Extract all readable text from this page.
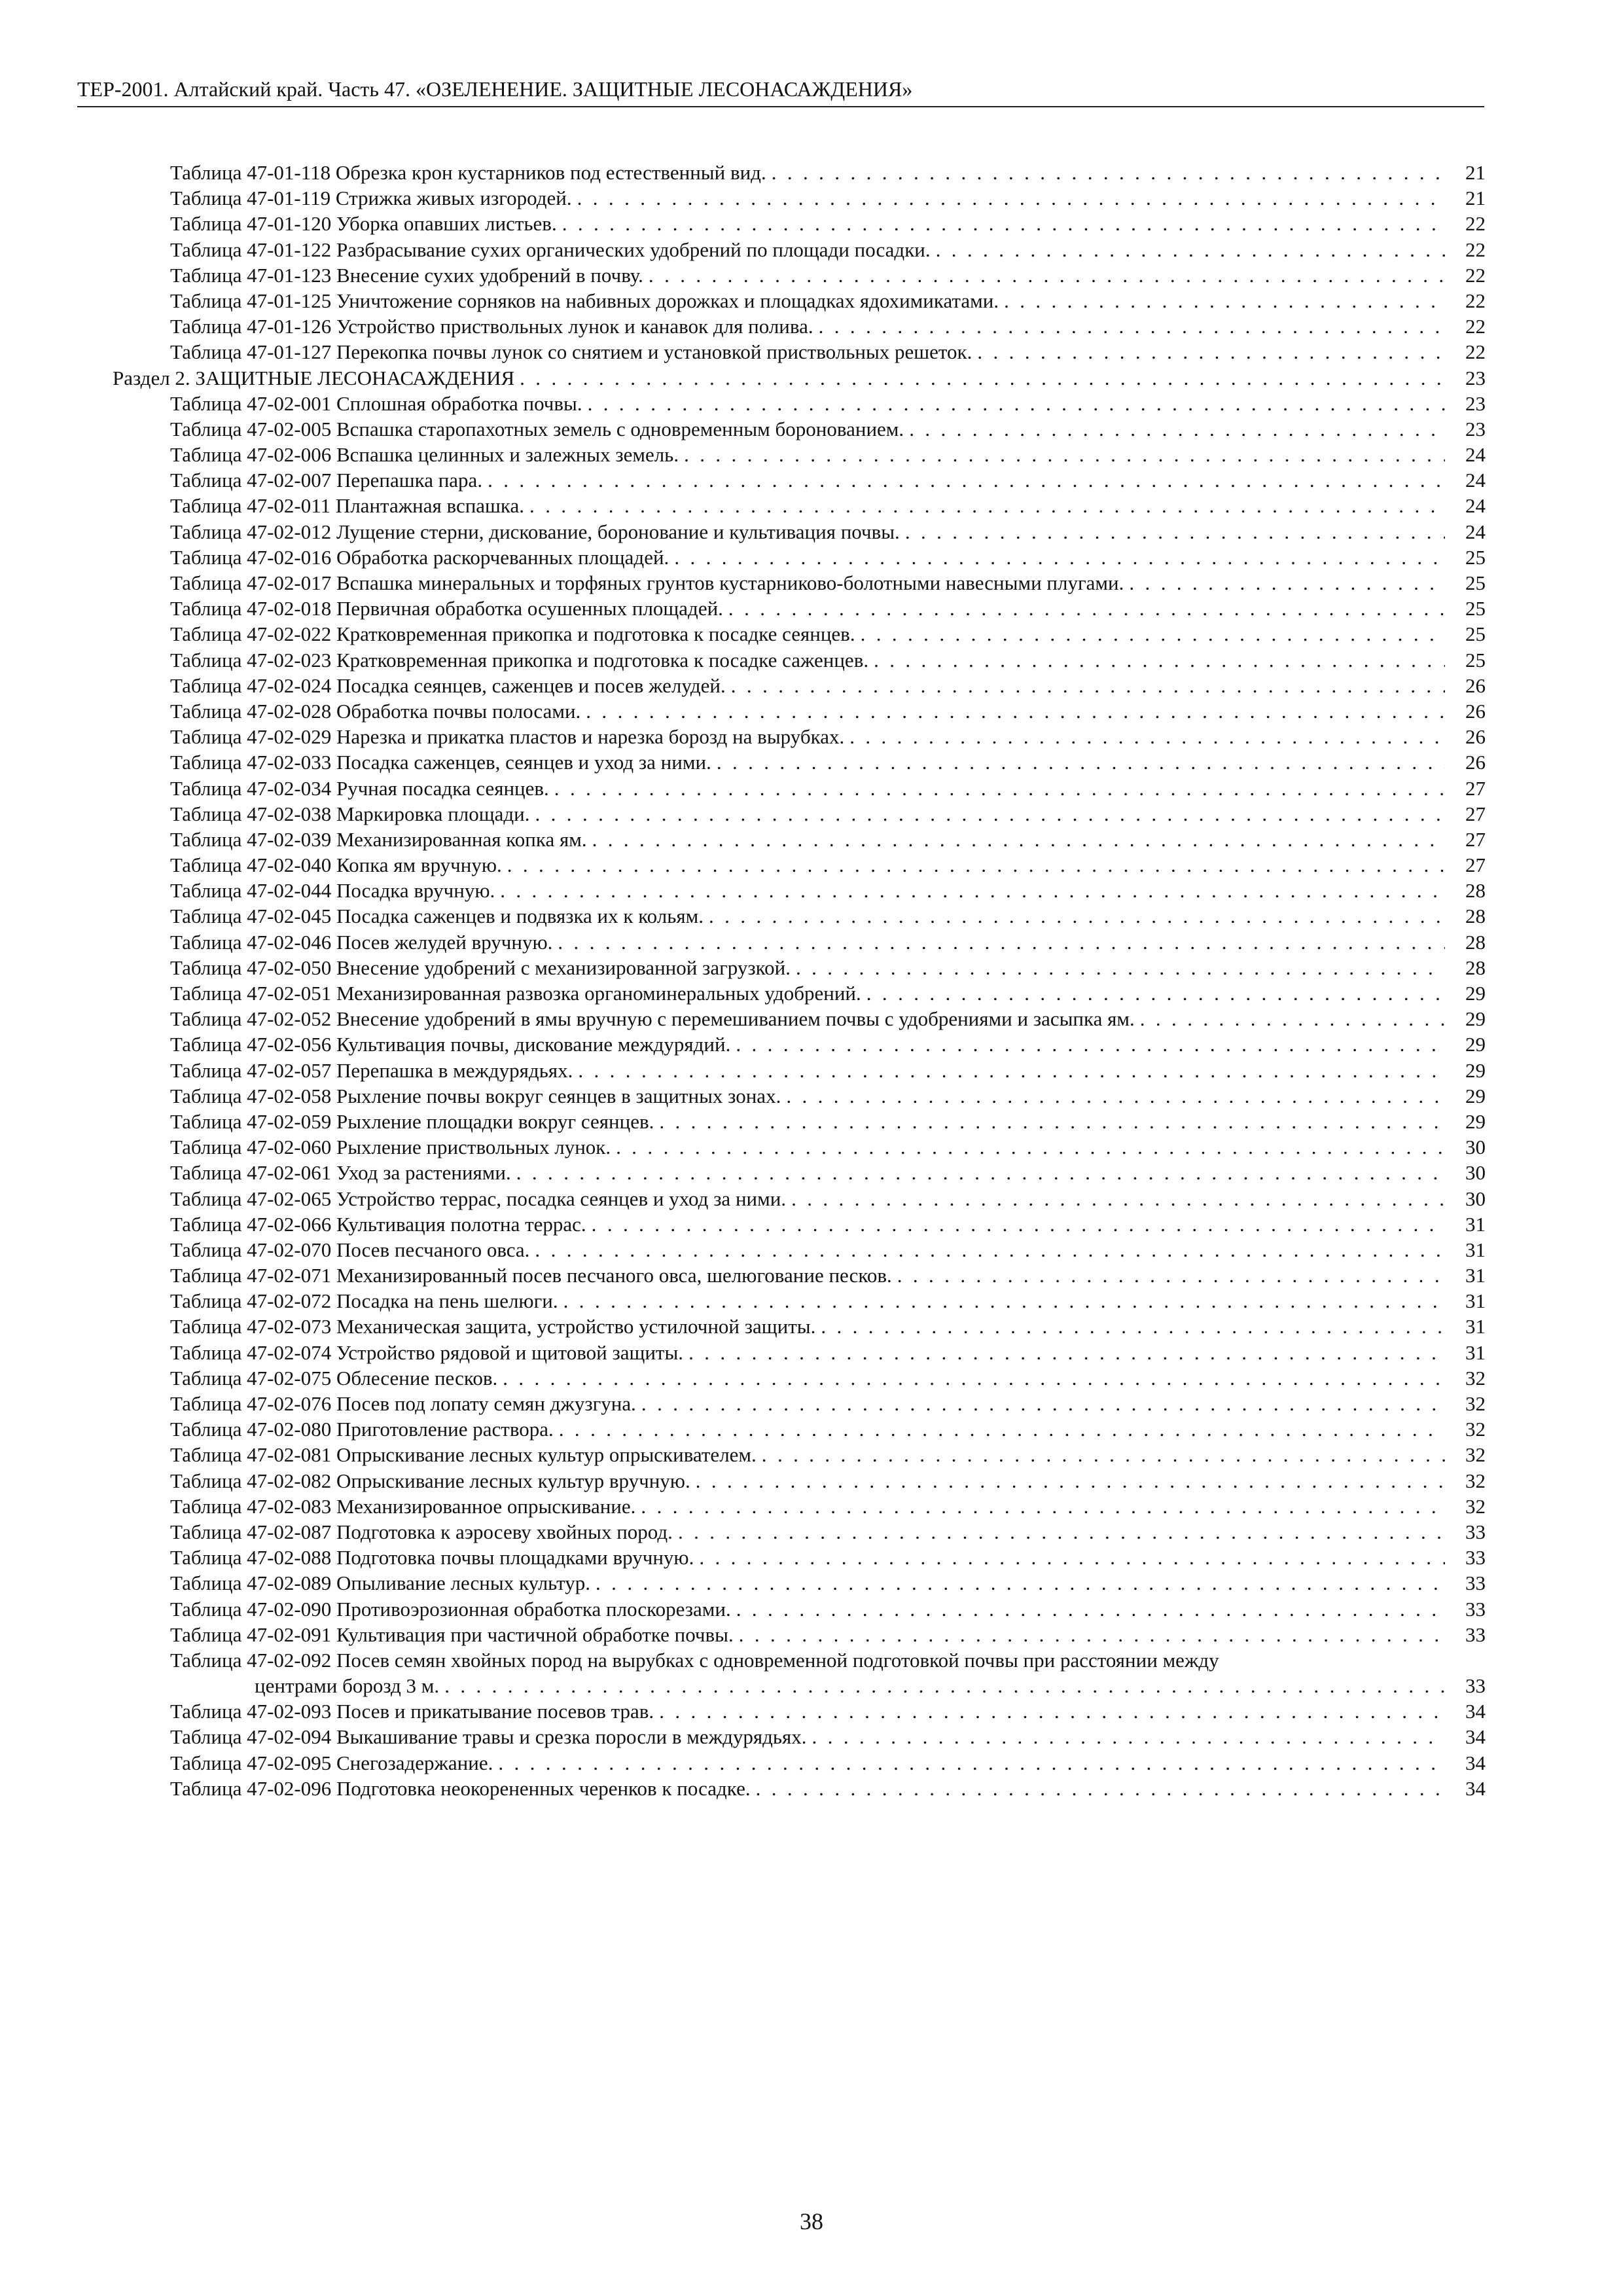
ТЕР-2001. Алтайский край. Часть 47. «ОЗЕЛЕНЕНИЕ. ЗАЩИТНЫЕ ЛЕСОНАСАЖДЕНИЯ»
Таблица 47-01-118 Обрезка крон кустарников под естественный вид. .....	21
Таблица 47-01-119 Стрижка живых изгородей. .....	21
Таблица 47-01-120 Уборка опавших листьев. .....	22
Таблица 47-01-122 Разбрасывание сухих органических удобрений по площади посадки. .....	22
Таблица 47-01-123 Внесение сухих удобрений в почву. .....	22
Таблица 47-01-125 Уничтожение сорняков на набивных дорожках и площадках ядохимикатами. .....	22
Таблица 47-01-126 Устройство приствольных лунок и канавок для полива. .....	22
Таблица 47-01-127 Перекопка почвы лунок со снятием и установкой приствольных решеток. .....	22
Раздел 2. ЗАЩИТНЫЕ ЛЕСОНАСАЖДЕНИЯ .....	23
Таблица 47-02-001 Сплошная обработка почвы. .....	23
Таблица 47-02-005 Вспашка старопахотных земель с одновременным боронованием. .....	23
Таблица 47-02-006 Вспашка целинных и залежных земель. .....	24
Таблица 47-02-007 Перепашка пара. .....	24
Таблица 47-02-011 Плантажная вспашка. .....	24
Таблица 47-02-012 Лущение стерни, дискование, боронование и культивация почвы. .....	24
Таблица 47-02-016 Обработка раскорчеванных площадей. .....	25
Таблица 47-02-017 Вспашка минеральных и торфяных грунтов кустарниково-болотными навесными плугами. .....	25
Таблица 47-02-018 Первичная обработка осушенных площадей. .....	25
Таблица 47-02-022 Кратковременная прикопка и подготовка к посадке сеянцев. .....	25
Таблица 47-02-023 Кратковременная прикопка и подготовка к посадке саженцев. .....	25
Таблица 47-02-024 Посадка сеянцев, саженцев и посев желудей. .....	26
Таблица 47-02-028 Обработка почвы полосами. .....	26
Таблица 47-02-029 Нарезка и прикатка пластов и нарезка борозд на вырубках. .....	26
Таблица 47-02-033 Посадка саженцев, сеянцев и уход за ними. .....	26
Таблица 47-02-034 Ручная посадка сеянцев. .....	27
Таблица 47-02-038 Маркировка площади. .....	27
Таблица 47-02-039 Механизированная копка ям. .....	27
Таблица 47-02-040 Копка ям вручную. .....	27
Таблица 47-02-044 Посадка вручную. .....	28
Таблица 47-02-045 Посадка саженцев и подвязка их к кольям. .....	28
Таблица 47-02-046 Посев желудей вручную. .....	28
Таблица 47-02-050 Внесение удобрений с механизированной загрузкой. .....	28
Таблица 47-02-051 Механизированная развозка органоминеральных удобрений. .....	29
Таблица 47-02-052 Внесение удобрений в ямы вручную с перемешиванием почвы с удобрениями и засыпка ям. .....	29
Таблица 47-02-056 Культивация почвы, дискование междурядий. .....	29
Таблица 47-02-057 Перепашка в междурядьях. .....	29
Таблица 47-02-058 Рыхление почвы вокруг сеянцев в защитных зонах. .....	29
Таблица 47-02-059 Рыхление площадки вокруг сеянцев. .....	29
Таблица 47-02-060 Рыхление приствольных лунок. .....	30
Таблица 47-02-061 Уход за растениями. .....	30
Таблица 47-02-065 Устройство террас, посадка сеянцев и уход за ними. .....	30
Таблица 47-02-066 Культивация полотна террас. .....	31
Таблица 47-02-070 Посев песчаного овса. .....	31
Таблица 47-02-071 Механизированный посев песчаного овса, шелюгование песков. .....	31
Таблица 47-02-072 Посадка на пень шелюги. .....	31
Таблица 47-02-073 Механическая защита, устройство устилочной защиты. .....	31
Таблица 47-02-074 Устройство рядовой и щитовой защиты. .....	31
Таблица 47-02-075 Облесение песков. .....	32
Таблица 47-02-076 Посев под лопату семян джузгуна. .....	32
Таблица 47-02-080 Приготовление раствора. .....	32
Таблица 47-02-081 Опрыскивание лесных культур опрыскивателем. .....	32
Таблица 47-02-082 Опрыскивание лесных культур вручную. .....	32
Таблица 47-02-083 Механизированное опрыскивание. .....	32
Таблица 47-02-087 Подготовка к аэросеву хвойных пород. .....	33
Таблица 47-02-088 Подготовка почвы площадками вручную. .....	33
Таблица 47-02-089 Опыливание лесных культур. .....	33
Таблица 47-02-090 Противоэрозионная обработка плоскорезами. .....	33
Таблица 47-02-091 Культивация при частичной обработке почвы. .....	33
Таблица 47-02-092 Посев семян хвойных пород на вырубках с одновременной подготовкой почвы при расстоянии между
центрами борозд 3 м. .....	33
Таблица 47-02-093 Посев и прикатывание посевов трав. .....	34
Таблица 47-02-094 Выкашивание травы и срезка поросли в междурядьях. .....	34
Таблица 47-02-095 Снегозадержание. .....	34
Таблица 47-02-096 Подготовка неокорененных черенков к посадке. .....	34
38
